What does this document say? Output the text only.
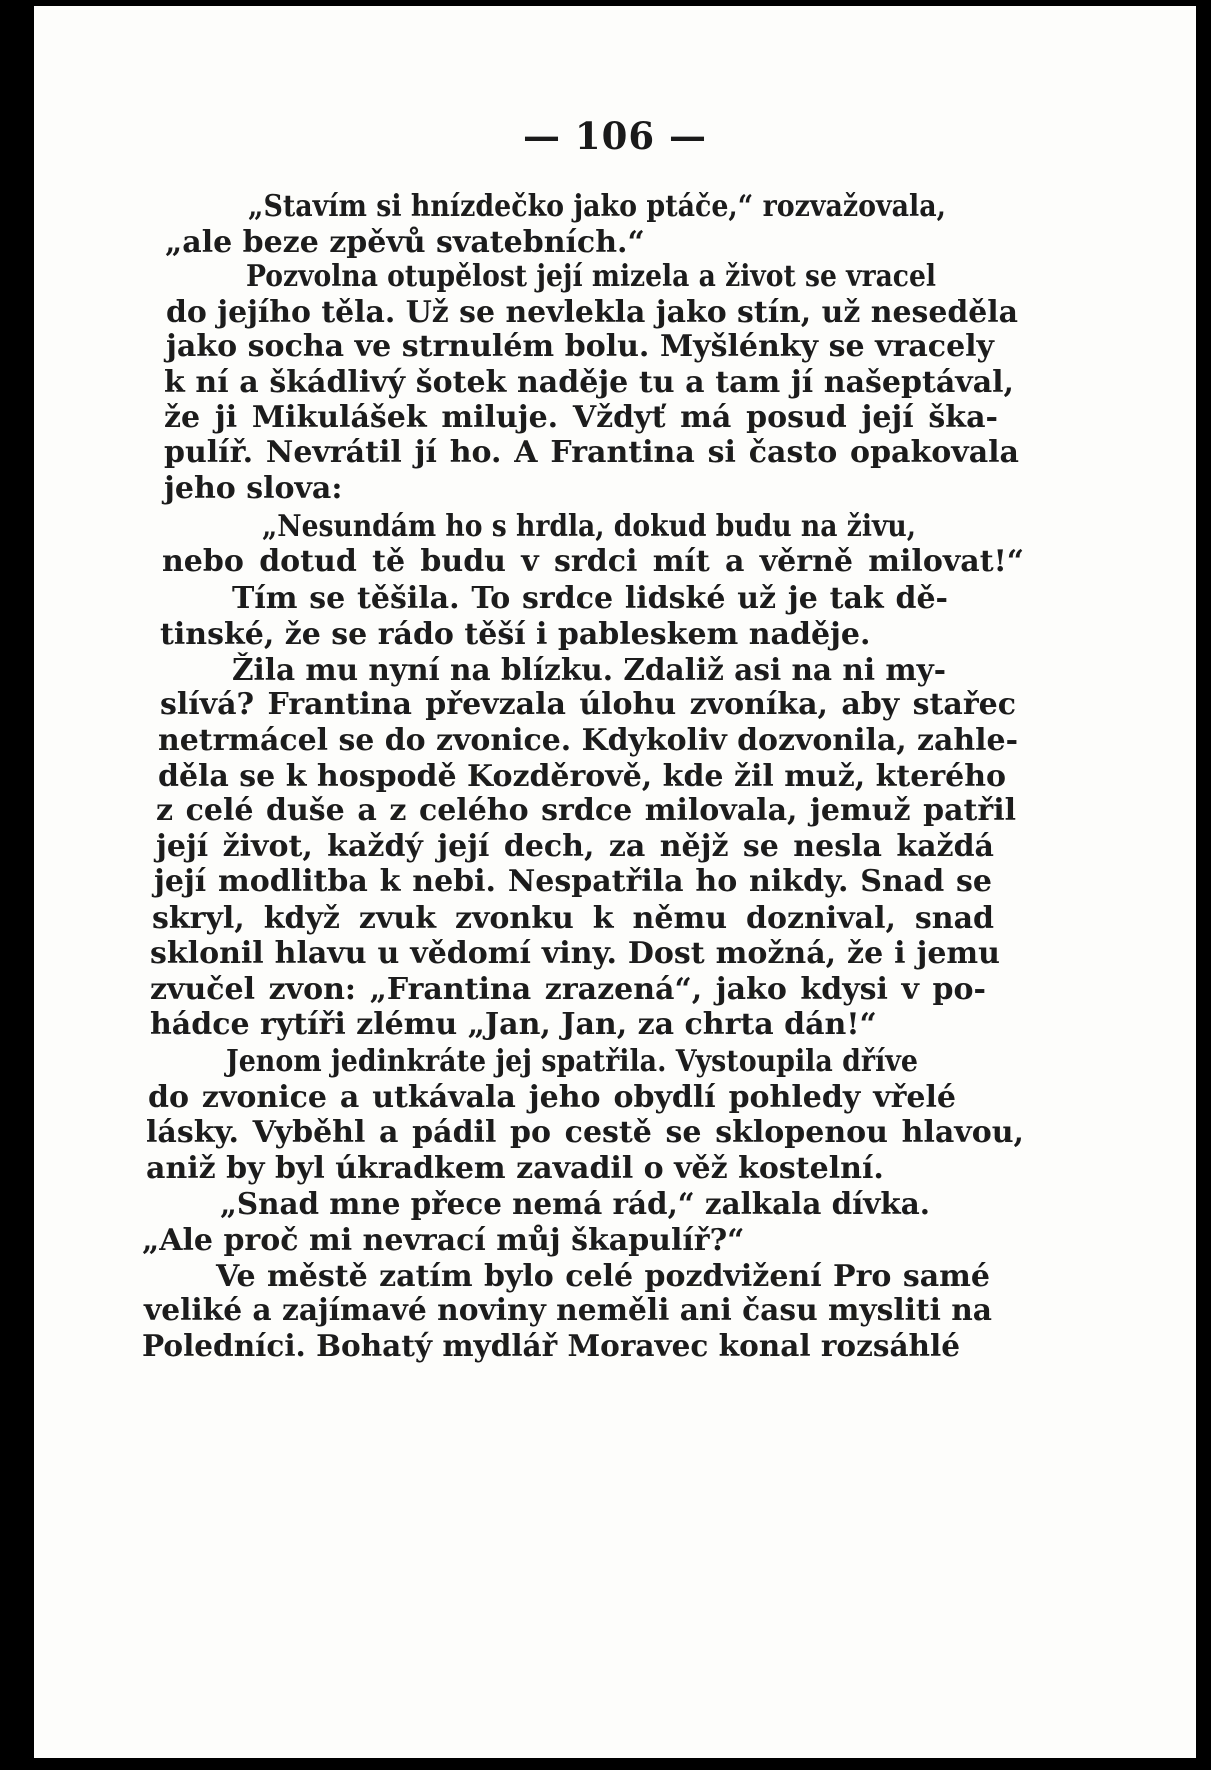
— 106 —
„Stavím si hnízdečko jako ptáče,“ rozvažovala,
„ale beze zpěvů svatebních.“
Pozvolna otupělost její mizela a život se vracel
do jejího těla. Už se nevlekla jako stín, už neseděla
jako socha ve strnulém bolu. Myšlénky se vracely
k ní a škádlivý šotek naděje tu a tam jí našeptával,
že ji Mikulášek miluje. Vždyť má posud její ška-
pulíř. Nevrátil jí ho. A Frantina si často opakovala
jeho slova:
„Nesundám ho s hrdla, dokud budu na živu,
nebo dotud tě budu v srdci mít a věrně milovat!“
Tím se těšila. To srdce lidské už je tak dě-
tinské, že se rádo těší i pableskem naděje.
Žila mu nyní na blízku. Zdaliž asi na ni my-
slívá? Frantina převzala úlohu zvoníka, aby stařec
netrmácel se do zvonice. Kdykoliv dozvonila, zahle-
děla se k hospodě Kozděrově, kde žil muž, kterého
z celé duše a z celého srdce milovala, jemuž patřil
její život, každý její dech, za nějž se nesla každá
její modlitba k nebi. Nespatřila ho nikdy. Snad se
skryl, když zvuk zvonku k němu doznival, snad
sklonil hlavu u vědomí viny. Dost možná, že i jemu
zvučel zvon: „Frantina zrazená“, jako kdysi v po-
hádce rytíři zlému „Jan, Jan, za chrta dán!“
Jenom jedinkráte jej spatřila. Vystoupila dříve
do zvonice a utkávala jeho obydlí pohledy vřelé
lásky. Vyběhl a pádil po cestě se sklopenou hlavou,
aniž by byl úkradkem zavadil o věž kostelní.
„Snad mne přece nemá rád,“ zalkala dívka.
„Ale proč mi nevrací můj škapulíř?“
Ve městě zatím bylo celé pozdvižení Pro samé
veliké a zajímavé noviny neměli ani času mysliti na
Poledníci. Bohatý mydlář Moravec konal rozsáhlé
